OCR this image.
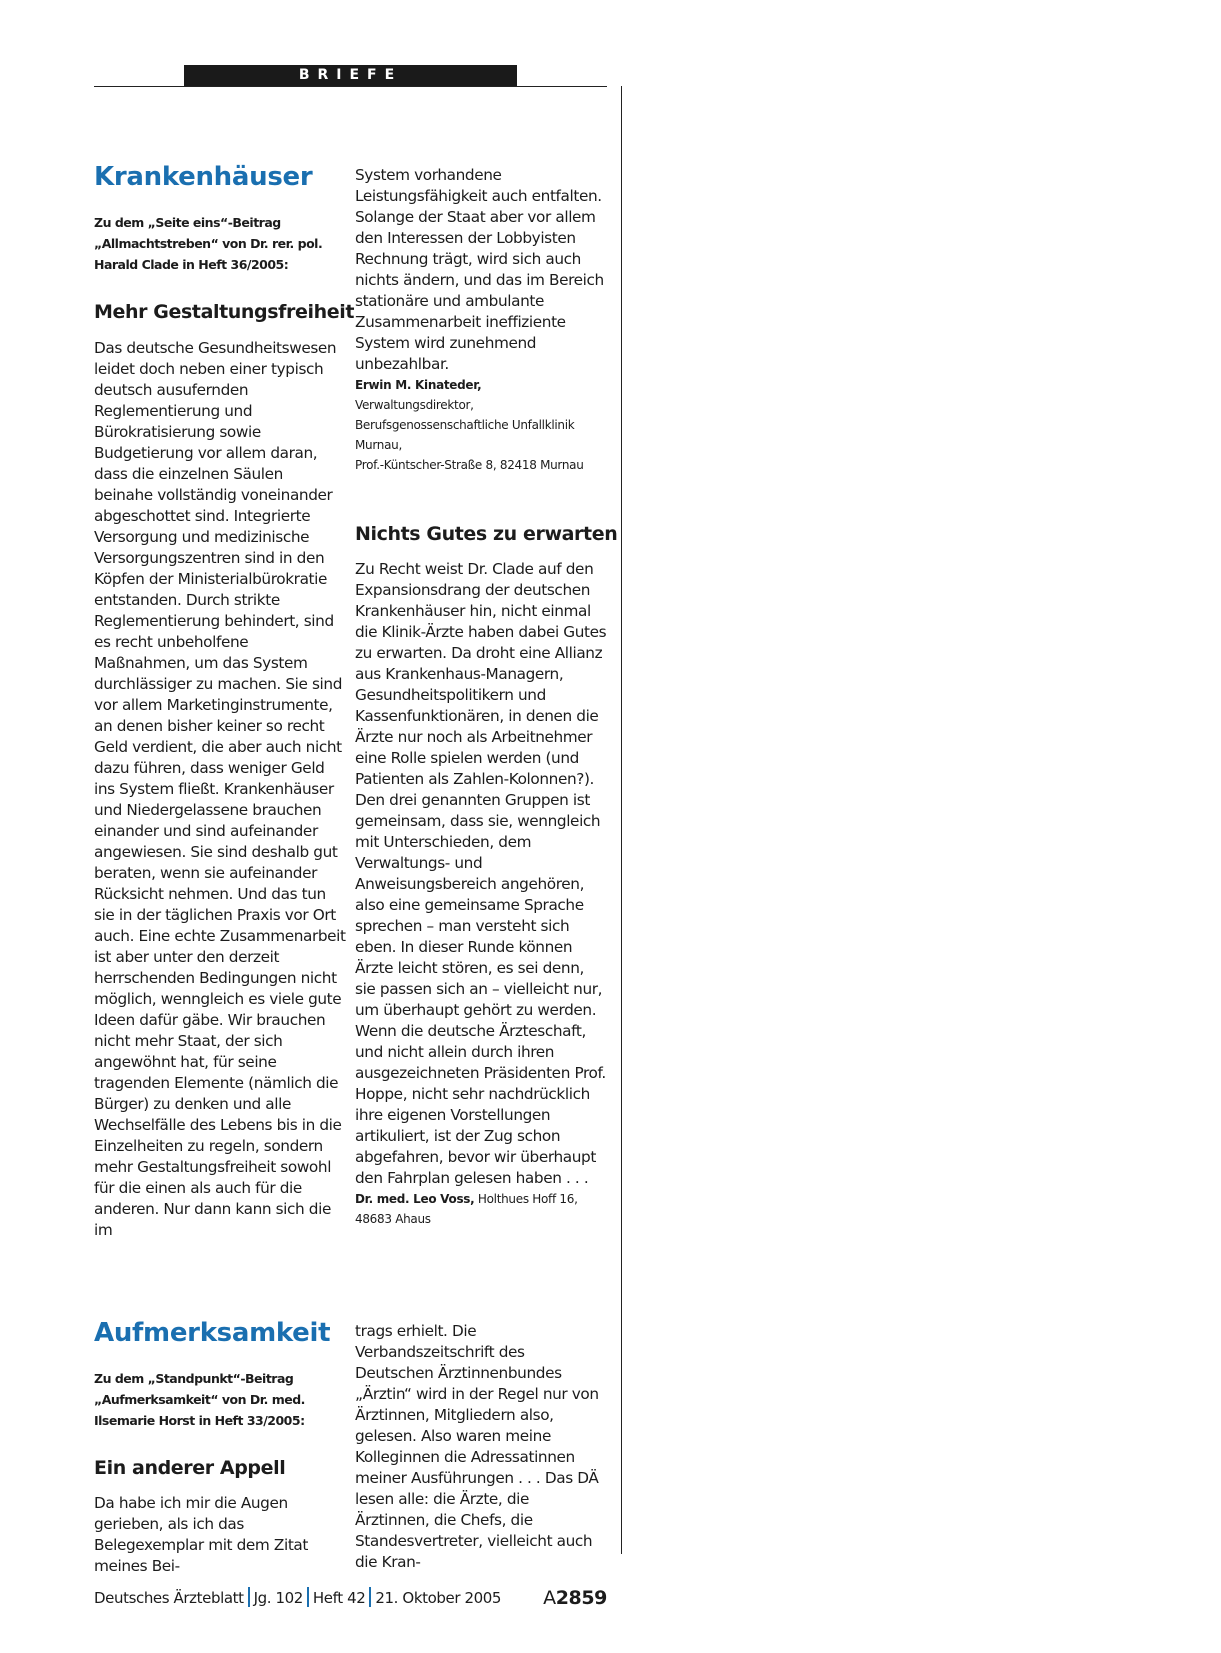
BRIEFE
Krankenhäuser

Zu dem „Seite eins“-Beitrag „Allmachtstreben“ von Dr. rer. pol. Harald Clade in Heft 36/2005:

Mehr Gestaltungsfreiheit

Das deutsche Gesundheitswesen leidet doch neben einer typisch deutsch ausufernden Reglementierung und Bürokratisierung sowie Budgetierung vor allem daran, dass die einzelnen Säulen beinahe vollständig voneinander abgeschottet sind. Integrierte Versorgung und medizinische Versorgungszentren sind in den Köpfen der Ministerialbürokratie entstanden. Durch strikte Reglementierung behindert, sind es recht unbeholfene Maßnahmen, um das System durchlässiger zu machen. Sie sind vor allem Marketinginstrumente, an denen bisher keiner so recht Geld verdient, die aber auch nicht dazu führen, dass weniger Geld ins System fließt. Krankenhäuser und Niedergelassene brauchen einander und sind aufeinander angewiesen. Sie sind deshalb gut beraten, wenn sie aufeinander Rücksicht nehmen. Und das tun sie in der täglichen Praxis vor Ort auch. Eine echte Zusammenarbeit ist aber unter den derzeit herrschenden Bedingungen nicht möglich, wenngleich es viele gute Ideen dafür gäbe. Wir brauchen nicht mehr Staat, der sich angewöhnt hat, für seine tragenden Elemente (nämlich die Bürger) zu denken und alle Wechselfälle des Lebens bis in die Einzelheiten zu regeln, sondern mehr Gestaltungsfreiheit sowohl für die einen als auch für die anderen. Nur dann kann sich die im

System vorhandene Leistungsfähigkeit auch entfalten. Solange der Staat aber vor allem den Interessen der Lobbyisten Rechnung trägt, wird sich auch nichts ändern, und das im Bereich stationäre und ambulante Zusammenarbeit ineffiziente System wird zunehmend unbezahlbar.

Erwin M. Kinateder,
Verwaltungsdirektor, Berufsgenossenschaftliche Unfallklinik Murnau,
Prof.-Küntscher-Straße 8, 82418 Murnau

Nichts Gutes zu erwarten

Zu Recht weist Dr. Clade auf den Expansionsdrang der deutschen Krankenhäuser hin, nicht einmal die Klinik-Ärzte haben dabei Gutes zu erwarten. Da droht eine Allianz aus Krankenhaus-Managern, Gesundheitspolitikern und Kassenfunktionären, in denen die Ärzte nur noch als Arbeitnehmer eine Rolle spielen werden (und Patienten als Zahlen-Kolonnen?). Den drei genannten Gruppen ist gemeinsam, dass sie, wenngleich mit Unterschieden, dem Verwaltungs- und Anweisungsbereich angehören, also eine gemeinsame Sprache sprechen – man versteht sich eben. In dieser Runde können Ärzte leicht stören, es sei denn, sie passen sich an – vielleicht nur, um überhaupt gehört zu werden. Wenn die deutsche Ärzteschaft, und nicht allein durch ihren ausgezeichneten Präsidenten Prof. Hoppe, nicht sehr nachdrücklich ihre eigenen Vorstellungen artikuliert, ist der Zug schon abgefahren, bevor wir überhaupt den Fahrplan gelesen haben . . .

Dr. med. Leo Voss, Holthues Hoff 16, 48683 Ahaus

Aufmerksamkeit

Zu dem „Standpunkt“-Beitrag „Aufmerksamkeit“ von Dr. med. Ilsemarie Horst in Heft 33/2005:

Ein anderer Appell

Da habe ich mir die Augen gerieben, als ich das Belegexemplar mit dem Zitat meines Bei-

trags erhielt. Die Verbandszeitschrift des Deutschen Ärztinnenbundes „Ärztin“ wird in der Regel nur von Ärztinnen, Mitgliedern also, gelesen. Also waren meine Kolleginnen die Adressatinnen meiner Ausführungen . . . Das DÄ lesen alle: die Ärzte, die Ärztinnen, die Chefs, die Standesvertreter, vielleicht auch die Kran-

Deutsches Ärzteblatt Jg. 102 Heft 42 21. Oktober 2005 A2859
